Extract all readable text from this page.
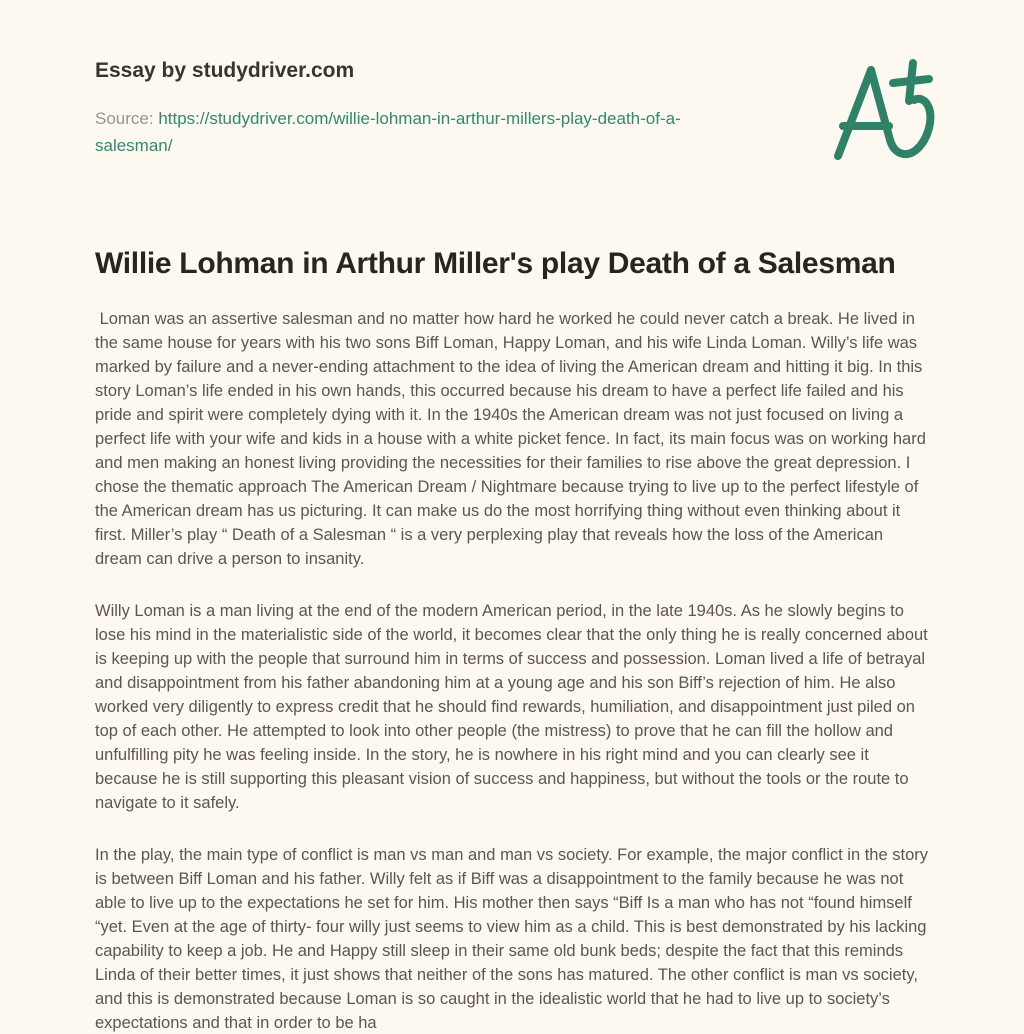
Essay by studydriver.com

Source: https://studydriver.com/willie-lohman-in-arthur-millers-play-death-of-a-salesman/

Willie Lohman in Arthur Miller's play Death of a Salesman

Loman was an assertive salesman and no matter how hard he worked he could never catch a break. He lived in the same house for years with his two sons Biff Loman, Happy Loman, and his wife Linda Loman. Willy’s life was marked by failure and a never-ending attachment to the idea of living the American dream and hitting it big. In this story Loman’s life ended in his own hands, this occurred because his dream to have a perfect life failed and his pride and spirit were completely dying with it. In the 1940s the American dream was not just focused on living a perfect life with your wife and kids in a house with a white picket fence. In fact, its main focus was on working hard and men making an honest living providing the necessities for their families to rise above the great depression. I chose the thematic approach The American Dream / Nightmare because trying to live up to the perfect lifestyle of the American dream has us picturing. It can make us do the most horrifying thing without even thinking about it first. Miller’s play “ Death of a Salesman “ is a very perplexing play that reveals how the loss of the American dream can drive a person to insanity.

Willy Loman is a man living at the end of the modern American period, in the late 1940s. As he slowly begins to lose his mind in the materialistic side of the world, it becomes clear that the only thing he is really concerned about is keeping up with the people that surround him in terms of success and possession. Loman lived a life of betrayal and disappointment from his father abandoning him at a young age and his son Biff’s rejection of him. He also worked very diligently to express credit that he should find rewards, humiliation, and disappointment just piled on top of each other. He attempted to look into other people (the mistress) to prove that he can fill the hollow and unfulfilling pity he was feeling inside. In the story, he is nowhere in his right mind and you can clearly see it because he is still supporting this pleasant vision of success and happiness, but without the tools or the route to navigate to it safely.

In the play, the main type of conflict is man vs man and man vs society. For example, the major conflict in the story is between Biff Loman and his father. Willy felt as if Biff was a disappointment to the family because he was not able to live up to the expectations he set for him. His mother then says “Biff Is a man who has not “found himself “yet. Even at the age of thirty- four willy just seems to view him as a child. This is best demonstrated by his lacking capability to keep a job. He and Happy still sleep in their same old bunk beds; despite the fact that this reminds Linda of their better times, it just shows that neither of the sons has matured. The other conflict is man vs society, and this is demonstrated because Loman is so caught in the idealistic world that he had to live up to society’s expectations and that in order to be ha
